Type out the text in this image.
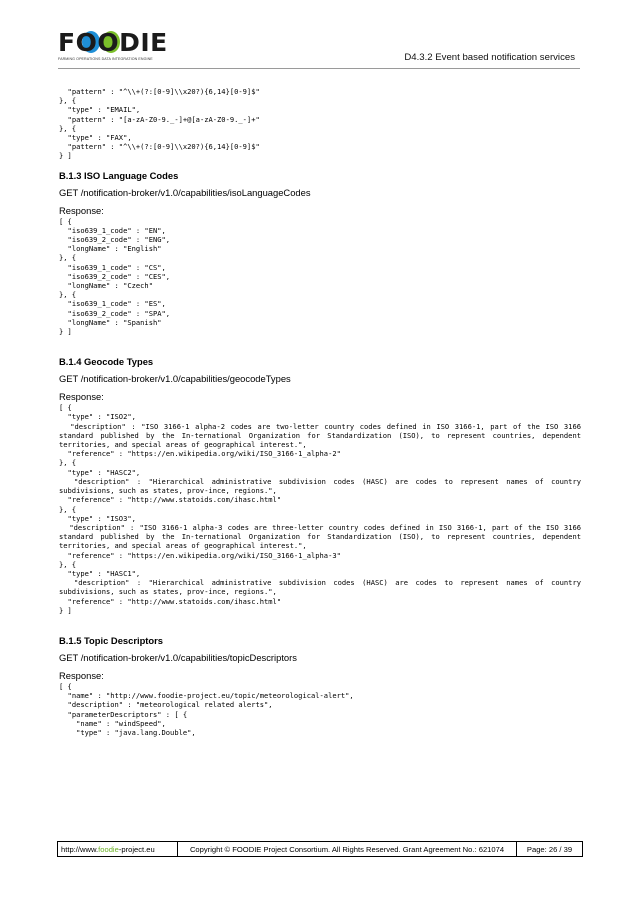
FOODIE
FARMING OPERATIONS DATA INTEGRATION ENGINE	D4.3.2 Event based notification services
"pattern" : "^\\+(?:[0-9]\\x20?){6,14}[0-9]$"
}, {
"type" : "EMAIL",
"pattern" : "[a-zA-Z0-9._-]+@[a-zA-Z0-9._-]+"
}, {
"type" : "FAX",
"pattern" : "^\\+(?:[0-9]\\x20?){6,14}[0-9]$"
} ]

B.1.3 ISO Language Codes

GET /notification-broker/v1.0/capabilities/isoLanguageCodes

Response:

[ {
"iso639_1_code" : "EN",
"iso639_2_code" : "ENG",
"longName" : "English"
}, {
"iso639_1_code" : "CS",
"iso639_2_code" : "CES",
"longName" : "Czech"
}, {
"iso639_1_code" : "ES",
"iso639_2_code" : "SPA",
"longName" : "Spanish"
} ]

B.1.4 Geocode Types

GET /notification-broker/v1.0/capabilities/geocodeTypes

Response:

[ {
"type" : "ISO2",
"description" : "ISO 3166-1 alpha-2 codes are two-letter country codes defined in ISO 3166-1, part of the ISO 3166 standard published by the In-ternational Organization for Standardization (ISO), to represent countries, dependent territories, and special areas of geographical interest.",
"reference" : "https://en.wikipedia.org/wiki/ISO_3166-1_alpha-2"
}, {
"type" : "HASC2",
"description" : "Hierarchical administrative subdivision codes (HASC) are codes to represent names of country subdivisions, such as states, prov-ince, regions.",
"reference" : "http://www.statoids.com/ihasc.html"
}, {
"type" : "ISO3",
"description" : "ISO 3166-1 alpha-3 codes are three-letter country codes defined in ISO 3166-1, part of the ISO 3166 standard published by the In-ternational Organization for Standardization (ISO), to represent countries, dependent territories, and special areas of geographical interest.",
"reference" : "https://en.wikipedia.org/wiki/ISO_3166-1_alpha-3"
}, {
"type" : "HASC1",
"description" : "Hierarchical administrative subdivision codes (HASC) are codes to represent names of country subdivisions, such as states, prov-ince, regions.",
"reference" : "http://www.statoids.com/ihasc.html"
} ]

B.1.5 Topic Descriptors

GET /notification-broker/v1.0/capabilities/topicDescriptors

Response:

[ {
"name" : "http://www.foodie-project.eu/topic/meteorological-alert",
"description" : "meteorological related alerts",
"parameterDescriptors" : [ {
"name" : "windSpeed",
"type" : "java.lang.Double",
http://www. foodie -project.eu	Copyright © FOODIE Project Consortium. All Rights Reserved. Grant Agreement No.: 621074	Page: 26 / 39
